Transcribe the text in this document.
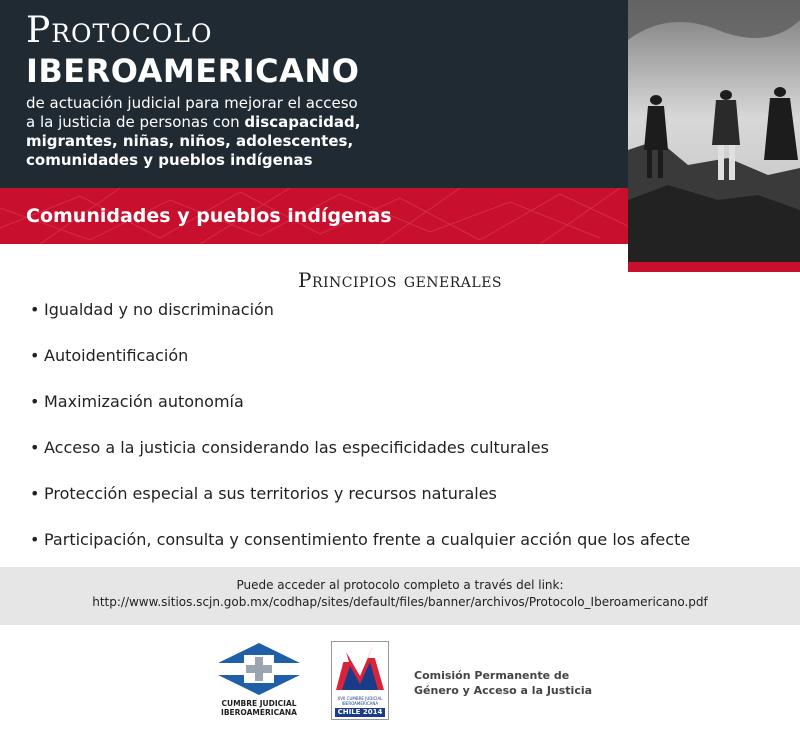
Protocolo
IBEROAMERICANO
de actuación judicial para mejorar el acceso a la justicia de personas con discapacidad, migrantes, niñas, niños, adolescentes, comunidades y pueblos indígenas
Comunidades y pueblos indígenas
Principios generales
• Igualdad y no discriminación
• Autoidentificación
• Maximización autonomía
• Acceso a la justicia considerando las especificidades culturales
• Protección especial a sus territorios y recursos naturales
• Participación, consulta y consentimiento frente a cualquier acción que los afecte
Puede acceder al protocolo completo a través del link:
http://www.sitios.scjn.gob.mx/codhap/sites/default/files/banner/archivos/Protocolo_Iberoamericano.pdf
CUMBRE JUDICIAL
IBEROAMERICANA
XVII CUMBRE JUDICIAL
IBEROAMERICANA
CHILE 2014
Comisión Permanente de
Género y Acceso a la Justicia
